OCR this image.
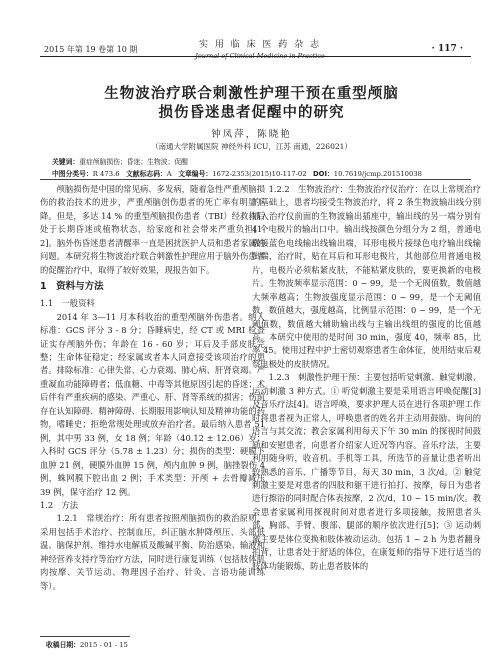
2015 年第 19 卷第 10 期	实 用 临 床 医 药 杂 志
Journal of Clinical Medicine in Practice
· 117 ·
生物波治疗联合刺激性护理干预在重型颅脑
损伤昏迷患者促醒中的研究
钟凤萍，陈晓艳
（南通大学附属医院 神经外科 ICU，江苏 南通，226021）
关键词：重症颅脑损伤；昏迷；生物波；促醒
中图分类号：R 473.6 文献标志码：A 文章编号：1672-2353(2015)10-117-02 DOI：10.7619/jcmp.201510038

颅脑损伤是中国的常见病、多发病，随着急性严重颅脑损伤的救治技术的进步，严重颅脑创伤患者的死亡率有明显下降。但是，多达 14 % 的重型颅脑损伤患者（TBI）经救救后处于长期昏迷或植物状态，给家庭和社会带来严重负担[1-2]。脑外伤昏迷患者清醒率一直是困扰医护人员和患者家属的问题。本研究将生物波治疗联合刺激性护理应用于脑外伤患者的促醒治疗中，取得了较好效果，现报告如下。

1　资料与方法
1.1　一般资料

2014 年 3—11 月本科收治的重型颅脑外伤患者。纳入标准：GCS 评分 3 - 8 分；昏睡病史，经 CT 或 MRI 检查证实存颅脑外伤；年龄在 16 - 60 岁；耳后及手部皮肤完整；生命体征稳定；经家属或者本人同意接受该项治疗的患者。排除标准：心律失常、心力衰竭、肺心病、肝肾衰竭、严重凝血功能障碍者；低血糖、中毒等其他原因引起的昏迷；术后伴有严重疾病的感染、严重心、肝、肾等系统的损害；伤前存在认知障碍、精神障碍、长期服用影响认知及精神功能的药物，嗜睡史；拒绝常规处理或放弃治疗者。最后纳入患者 51 例，其中男 33 例，女 18 例；年龄（40.12 ± 12.06）岁；入科时 GCS 评分（5.78 ± 1.23）分；损伤的类型：硬膜下血肿 21 例，硬膜外血肿 15 例，颅内血肿 9 例，脑挫裂伤 4 例，蛛网膜下腔出血 2 例；手术类型：开颅 + 去骨瓣减压 39 例，保守治疗 12 例。

1.2　方法

1.2.1　常规治疗：所有患者按照颅脑损伤的救治原则，采用包括手术治疗、控制血压，纠正脑水肿降颅压、头部低温、脑保护剂、维持水电解质及酸碱平衡、防治感染、输液和神经营养支持疗等治疗方法，同时进行康复训练（包括肢体肌肉按摩、关节运动、物理因子治疗、针灸、言语功能训练等）。

1.2.2　生物波治疗：生物波治疗仪治疗：在以上常规治疗的基础上，患者均接受生物波治疗，将 2 条生物波输出线分别插入治疗仪前面的生物波输出插座中，输出线的另一端分别有 4 个电极片的输出口中。输出线按颜色分组分为 2 组，普通电极接蓝色电线输出线输出端，耳形电极片接绿色电疗输出线输出端，治疗时，贴在耳后和耳形电极片，其他部位用普通电极片，电极片必须粘紧皮肤，不能粘紧皮肤的，要更换新的电极片。生物波频率显示范围：0 ~ 99，是一个无阀值数，数值越大频率越高；生物波强度显示范围：0 ~ 99，是一个无阈值数，数值越大，强度越高，比例显示范围：0 ~ 99，是一个无阈值数，数值越大辅助输出线与主输出线组的强度的比值越高。本研究中使用的是时间 30 min，强度 40，频率 85，比率 45。使用过程中护士密切观察患者生命体征，使用结束后观察电极处的皮肤情况。

1.2.3　刺激性护理干预：主要包括听觉刺激、触觉刺激、运动刺激 3 种方式。① 听觉刺激主要是采用语言呼唤促醒[3]及音乐疗法[4]。语言呼唤，要求护理人员在进行各项护理工作时将患者视为正常人，呼唤患者的姓名并主动用鼓励、询问的语言与其交流；教会家属利用每天下午 30 min 的探视时间鼓励和安慰患者，向患者介绍家人近况等内容。音乐疗法，主要利用随身听，收音机、手机等工具，所选节的音量让患者听出较熟悉的音乐、广播等节目，每天 30 min，3 次/d。② 触觉刺激主要是对患者的四肢和躯干进行拍打、按摩，每日为患者进行擦浴的同时配合体表按摩，2 次/d，10 ~ 15 min/次。教会患者家属利用探视时间对患者进行多项接触，按照患者头部、胸部、手臂、腹部、腿部的顺序依次进行[5]；③ 运动刺激主要是体位变换和肢体被动运动。包括 1 ~ 2 h 为患者翻身拍背，让患者处于舒适的体位，在康复师的指导下进行适当的肢体功能锻炼，防止患者肢体的

收稿日期：2015 - 01 - 15
